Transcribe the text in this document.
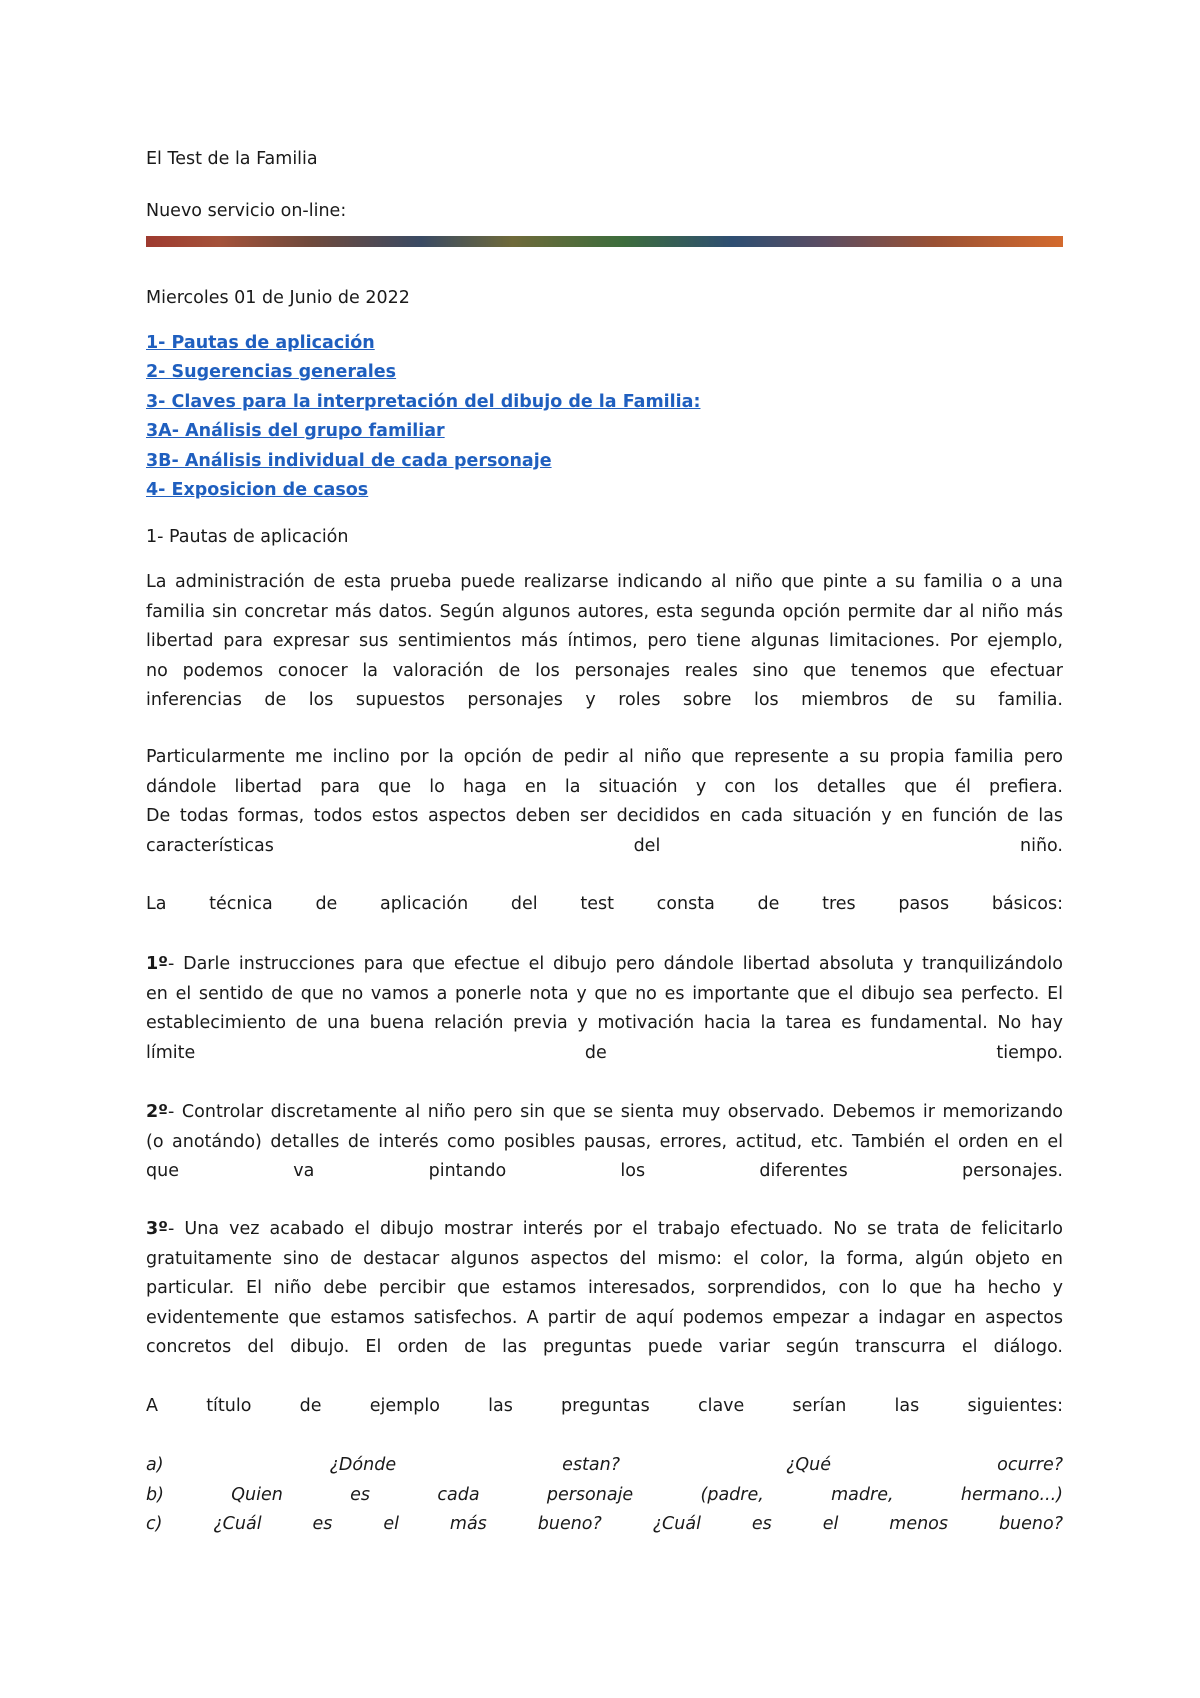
El Test de la Familia
Nuevo servicio on-line:
Miercoles 01 de Junio de 2022
1- Pautas de aplicación
2- Sugerencias generales
3- Claves para la interpretación del dibujo de la Familia:
3A- Análisis del grupo familiar
3B- Análisis individual de cada personaje
4- Exposicion de casos
1- Pautas de aplicación
La administración de esta prueba puede realizarse indicando al niño que pinte a su familia o a una
familia sin concretar más datos. Según algunos autores, esta segunda opción permite dar al niño más
libertad para expresar sus sentimientos más íntimos, pero tiene algunas limitaciones. Por ejemplo,
no podemos conocer la valoración de los personajes reales sino que tenemos que efectuar
inferencias de los supuestos personajes y roles sobre los miembros de su familia.
Particularmente me inclino por la opción de pedir al niño que represente a su propia familia pero
dándole libertad para que lo haga en la situación y con los detalles que él prefiera.
De todas formas, todos estos aspectos deben ser decididos en cada situación y en función de las
características del niño.
La técnica de aplicación del test consta de tres pasos básicos:
1º- Darle instrucciones para que efectue el dibujo pero dándole libertad absoluta y tranquilizándolo
en el sentido de que no vamos a ponerle nota y que no es importante que el dibujo sea perfecto. El
establecimiento de una buena relación previa y motivación hacia la tarea es fundamental. No hay
límite de tiempo.
2º- Controlar discretamente al niño pero sin que se sienta muy observado. Debemos ir memorizando
(o anotándo) detalles de interés como posibles pausas, errores, actitud, etc. También el orden en el
que va pintando los diferentes personajes.
3º- Una vez acabado el dibujo mostrar interés por el trabajo efectuado. No se trata de felicitarlo
gratuitamente sino de destacar algunos aspectos del mismo: el color, la forma, algún objeto en
particular. El niño debe percibir que estamos interesados, sorprendidos, con lo que ha hecho y
evidentemente que estamos satisfechos. A partir de aquí podemos empezar a indagar en aspectos
concretos del dibujo. El orden de las preguntas puede variar según transcurra el diálogo.
A título de ejemplo las preguntas clave serían las siguientes:
a) ¿Dónde estan? ¿Qué ocurre?
b) Quien es cada personaje (padre, madre, hermano...)
c) ¿Cuál es el más bueno? ¿Cuál es el menos bueno?
